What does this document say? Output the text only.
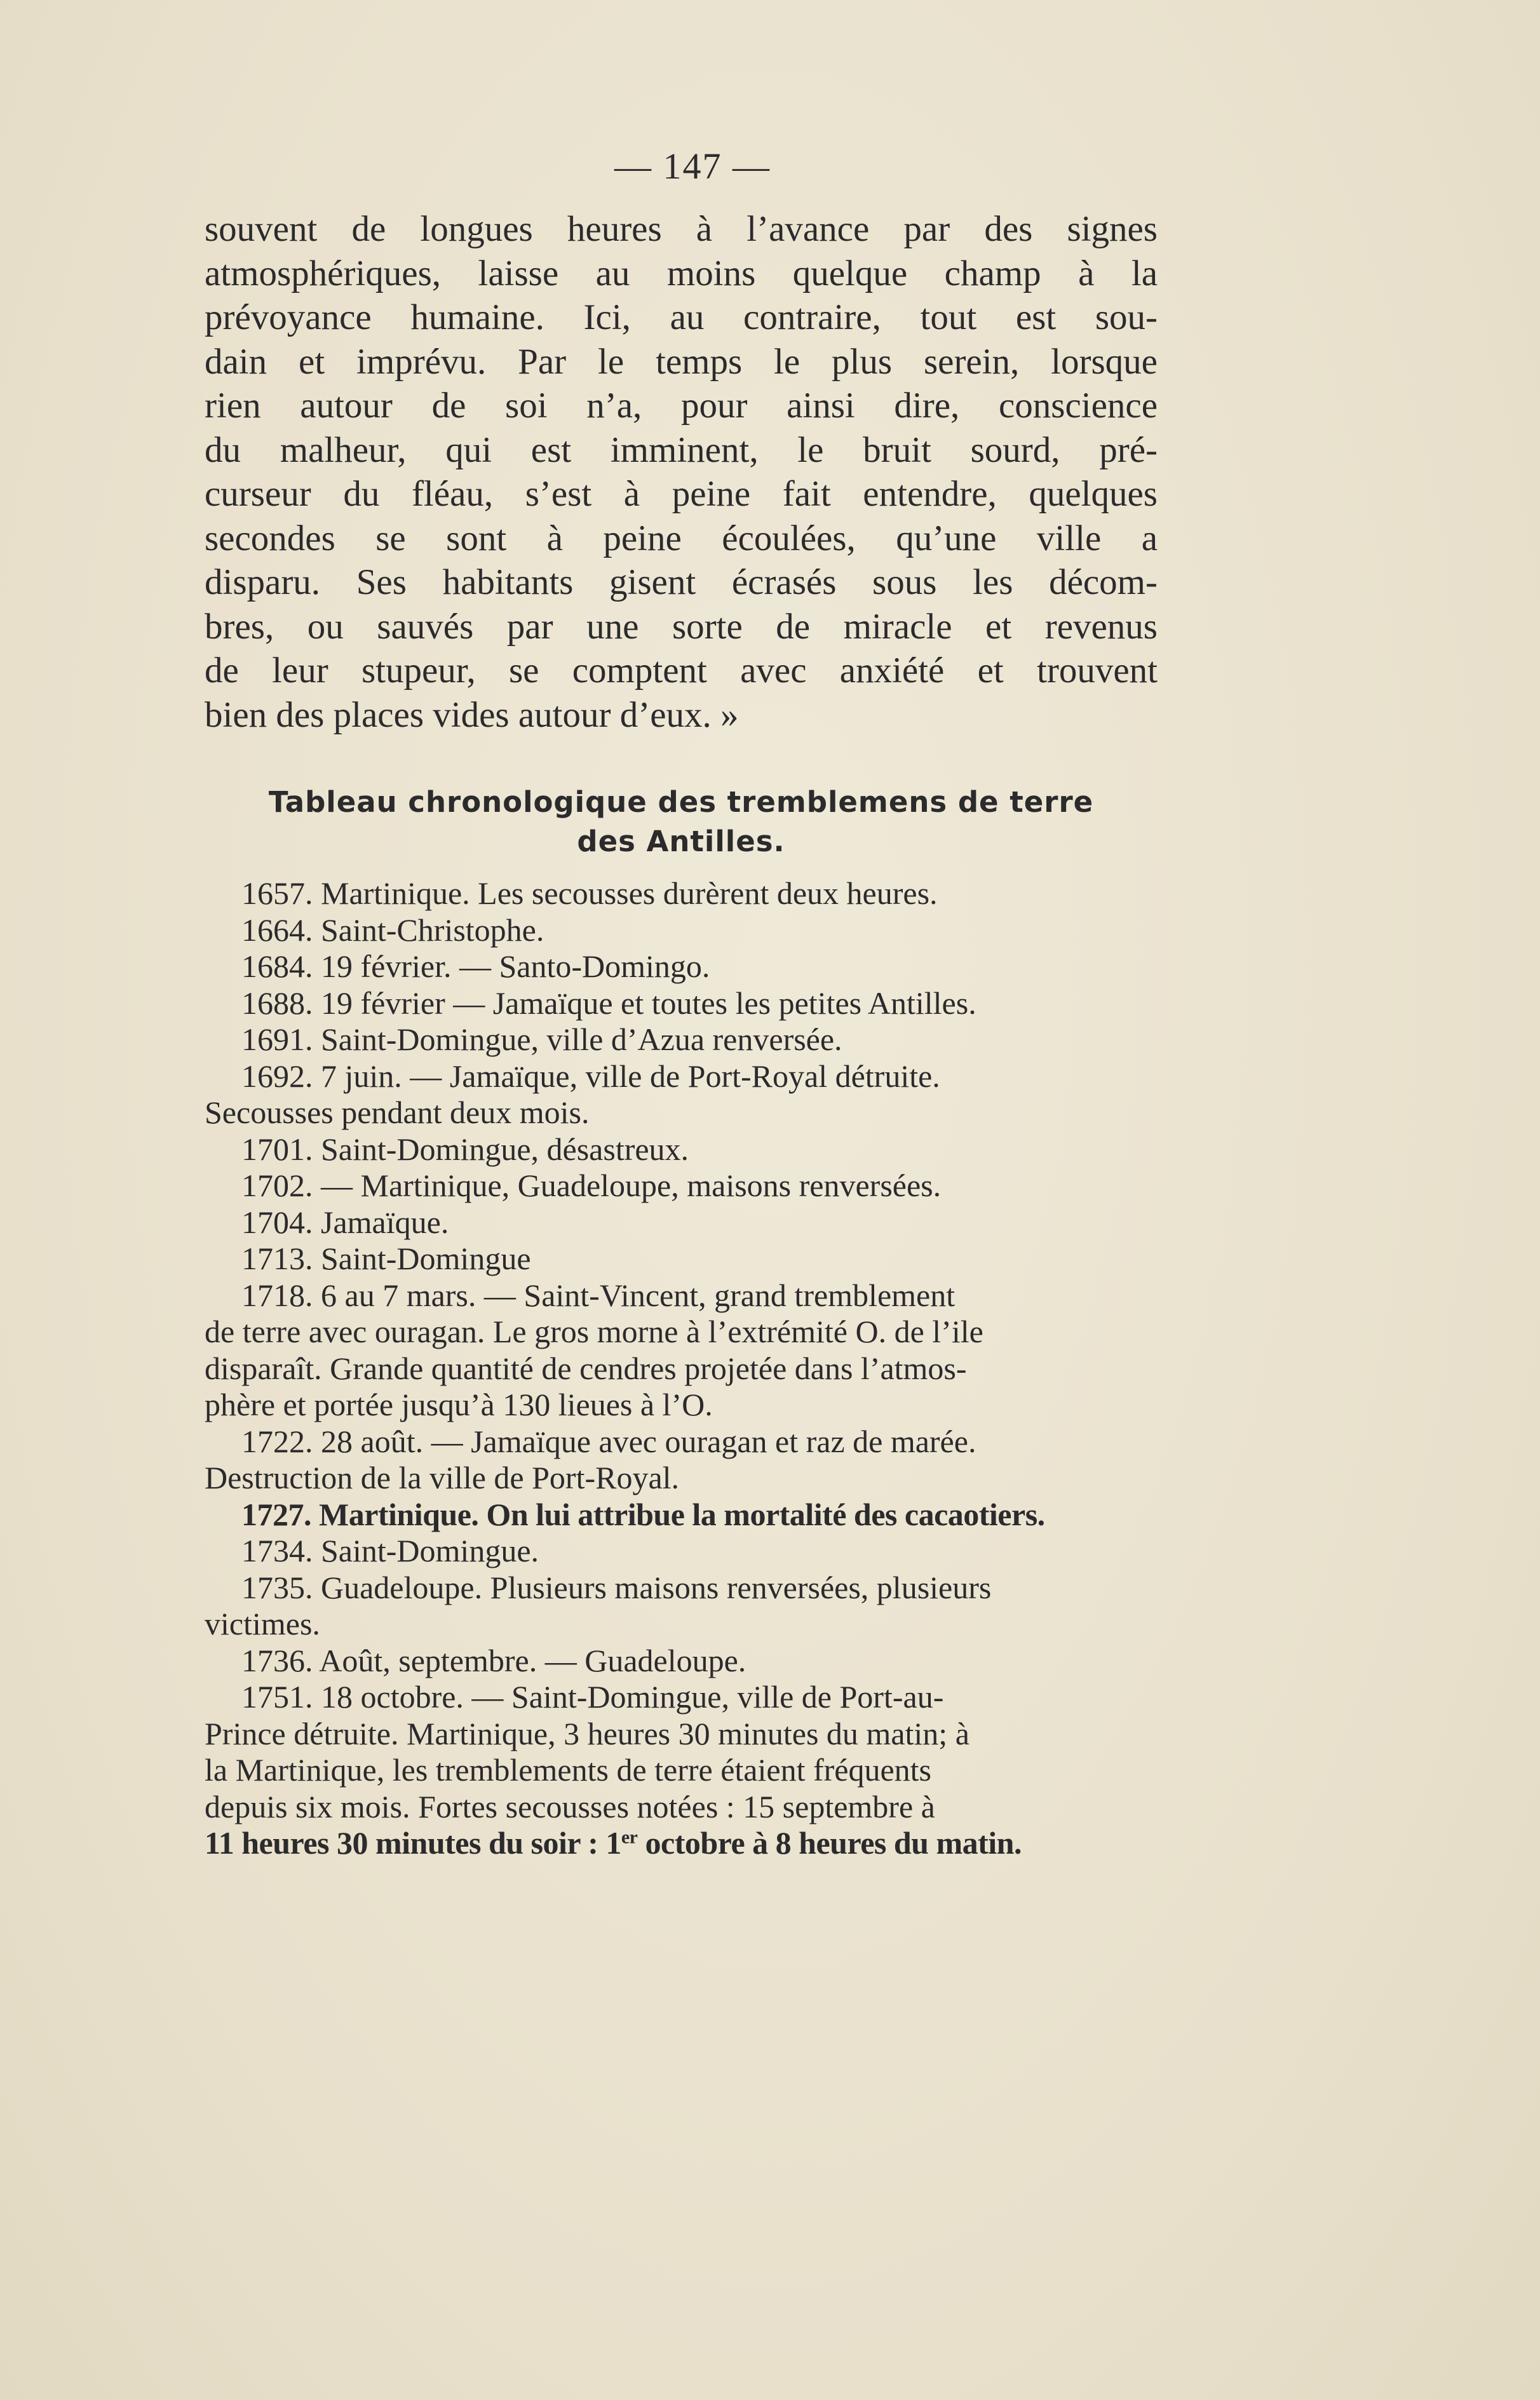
— 147 —
souvent de longues heures à l’avance par des signes
atmosphériques, laisse au moins quelque champ à la
prévoyance humaine. Ici, au contraire, tout est sou-
dain et imprévu. Par le temps le plus serein, lorsque
rien autour de soi n’a, pour ainsi dire, conscience
du malheur, qui est imminent, le bruit sourd, pré-
curseur du fléau, s’est à peine fait entendre, quelques
secondes se sont à peine écoulées, qu’une ville a
disparu. Ses habitants gisent écrasés sous les décom-
bres, ou sauvés par une sorte de miracle et revenus
de leur stupeur, se comptent avec anxiété et trouvent
bien des places vides autour d’eux. »
Tableau chronologique des tremblemens de terre
des Antilles.
1657. Martinique. Les secousses durèrent deux heures.
1664. Saint-Christophe.
1684. 19 février. — Santo-Domingo.
1688. 19 février — Jamaïque et toutes les petites Antilles.
1691. Saint-Domingue, ville d’Azua renversée.
1692. 7 juin. — Jamaïque, ville de Port-Royal détruite.
Secousses pendant deux mois.
1701. Saint-Domingue, désastreux.
1702. — Martinique, Guadeloupe, maisons renversées.
1704. Jamaïque.
1713. Saint-Domingue
1718. 6 au 7 mars. — Saint-Vincent, grand tremblement
de terre avec ouragan. Le gros morne à l’extrémité O. de l’ile
disparaît. Grande quantité de cendres projetée dans l’atmos-
phère et portée jusqu’à 130 lieues à l’O.
1722. 28 août. — Jamaïque avec ouragan et raz de marée.
Destruction de la ville de Port-Royal.
1727. Martinique. On lui attribue la mortalité des cacaotiers.
1734. Saint-Domingue.
1735. Guadeloupe. Plusieurs maisons renversées, plusieurs
victimes.
1736. Août, septembre. — Guadeloupe.
1751. 18 octobre. — Saint-Domingue, ville de Port-au-
Prince détruite. Martinique, 3 heures 30 minutes du matin; à
la Martinique, les tremblements de terre étaient fréquents
depuis six mois. Fortes secousses notées : 15 septembre à
11 heures 30 minutes du soir : 1er octobre à 8 heures du matin.
